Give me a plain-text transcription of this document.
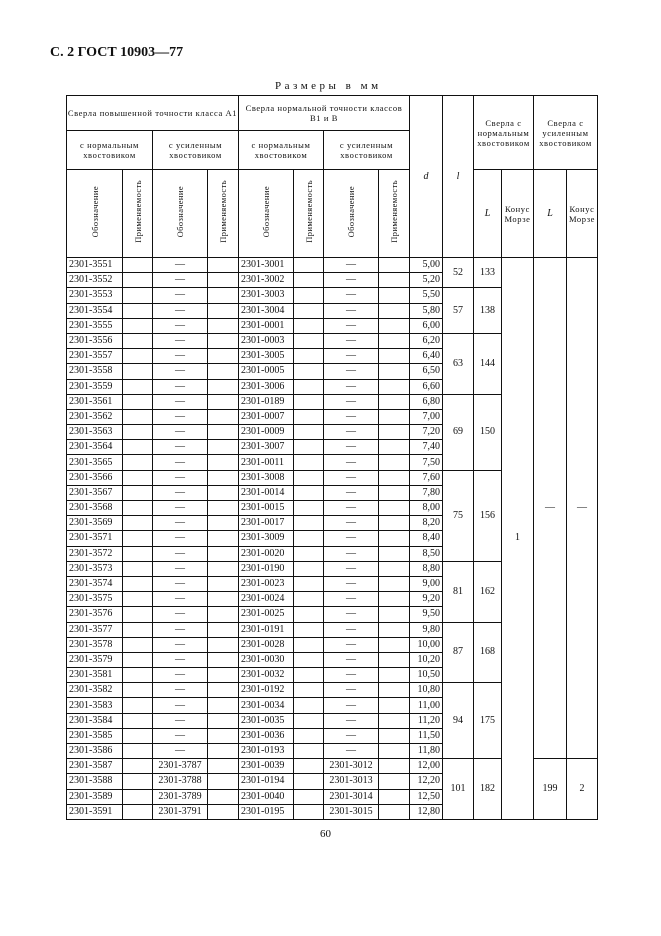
С. 2 ГОСТ 10903—77
Размеры в мм
Сверла повышенной точности класса А1				Сверла нормальной точности классов В1 и В				d	l	Сверла с нормальным хвостовиком		Сверла с усиленным хвостовиком	
с нормальным хвостовиком		с усиленным хвостовиком		с нормальным хвостовиком		с усиленным хвостовиком							
Обозначение	Применяемость	Обозначение	Применяемость	Обозначение	Применяемость	Обозначение	Применяемость			L	Конус Морзе	L	Конус Морзе
2301-3551		—		2301-3001		—		5,00	52	133	1	—	—
2301-3552		—		2301-3002		—		5,20					
2301-3553		—		2301-3003		—		5,50	57	138			
2301-3554		—		2301-3004		—		5,80					
2301-3555		—		2301-0001		—		6,00					
2301-3556		—		2301-0003		—		6,20	63	144			
2301-3557		—		2301-3005		—		6,40					
2301-3558		—		2301-0005		—		6,50					
2301-3559		—		2301-3006		—		6,60					
2301-3561		—		2301-0189		—		6,80	69	150			
2301-3562		—		2301-0007		—		7,00					
2301-3563		—		2301-0009		—		7,20					
2301-3564		—		2301-3007		—		7,40					
2301-3565		—		2301-0011		—		7,50					
2301-3566		—		2301-3008		—		7,60	75	156			
2301-3567		—		2301-0014		—		7,80					
2301-3568		—		2301-0015		—		8,00					
2301-3569		—		2301-0017		—		8,20					
2301-3571		—		2301-3009		—		8,40					
2301-3572		—		2301-0020		—		8,50					
2301-3573		—		2301-0190		—		8,80	81	162			
2301-3574		—		2301-0023		—		9,00					
2301-3575		—		2301-0024		—		9,20					
2301-3576		—		2301-0025		—		9,50					
2301-3577		—		2301-0191		—		9,80	87	168			
2301-3578		—		2301-0028		—		10,00					
2301-3579		—		2301-0030		—		10,20					
2301-3581		—		2301-0032		—		10,50					
2301-3582		—		2301-0192		—		10,80	94	175			
2301-3583		—		2301-0034		—		11,00					
2301-3584		—		2301-0035		—		11,20					
2301-3585		—		2301-0036		—		11,50					
2301-3586		—		2301-0193		—		11,80					
2301-3587		2301-3787		2301-0039		2301-3012		12,00	101	182		199	2
2301-3588		2301-3788		2301-0194		2301-3013		12,20					
2301-3589		2301-3789		2301-0040		2301-3014		12,50					
2301-3591		2301-3791		2301-0195		2301-3015		12,80					
60
